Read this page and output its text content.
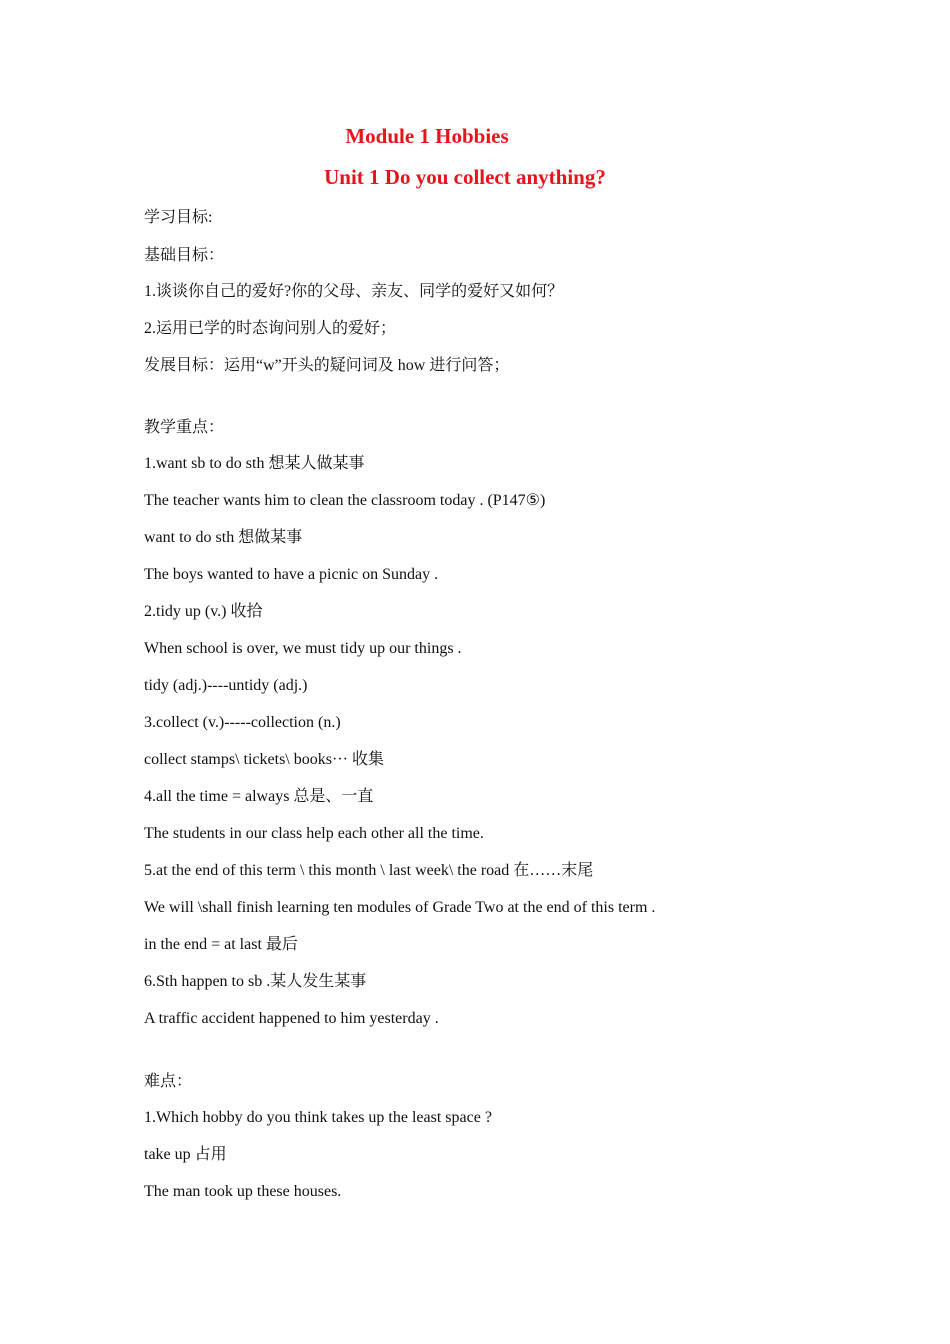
Module 1 Hobbies
Unit 1 Do you collect anything?
学习目标:
基础目标：
1.谈谈你自己的爱好?你的父母、亲友、同学的爱好又如何？
2.运用已学的时态询问别人的爱好；
发展目标：运用“w”开头的疑问词及 how 进行问答；
教学重点：
1.want sb to do sth 想某人做某事
The teacher wants him to clean the classroom today . (P147⑤)
want to do sth 想做某事
The boys wanted to have a picnic on Sunday .
2.tidy up (v.) 收拾
When school is over, we must tidy up our things .
tidy (adj.)----untidy (adj.)
3.collect (v.)-----collection (n.)
collect stamps\ tickets\ books··· 收集
4.all the time = always 总是、一直
The students in our class help each other all the time.
5.at the end of this term \ this month \ last week\ the road 在……末尾
We will \shall finish learning ten modules of Grade Two at the end of this term .
in the end = at last 最后
6.Sth happen to sb .某人发生某事
A traffic accident happened to him yesterday .
难点：
1.Which hobby do you think takes up the least space ?
take up 占用
The man took up these houses.
